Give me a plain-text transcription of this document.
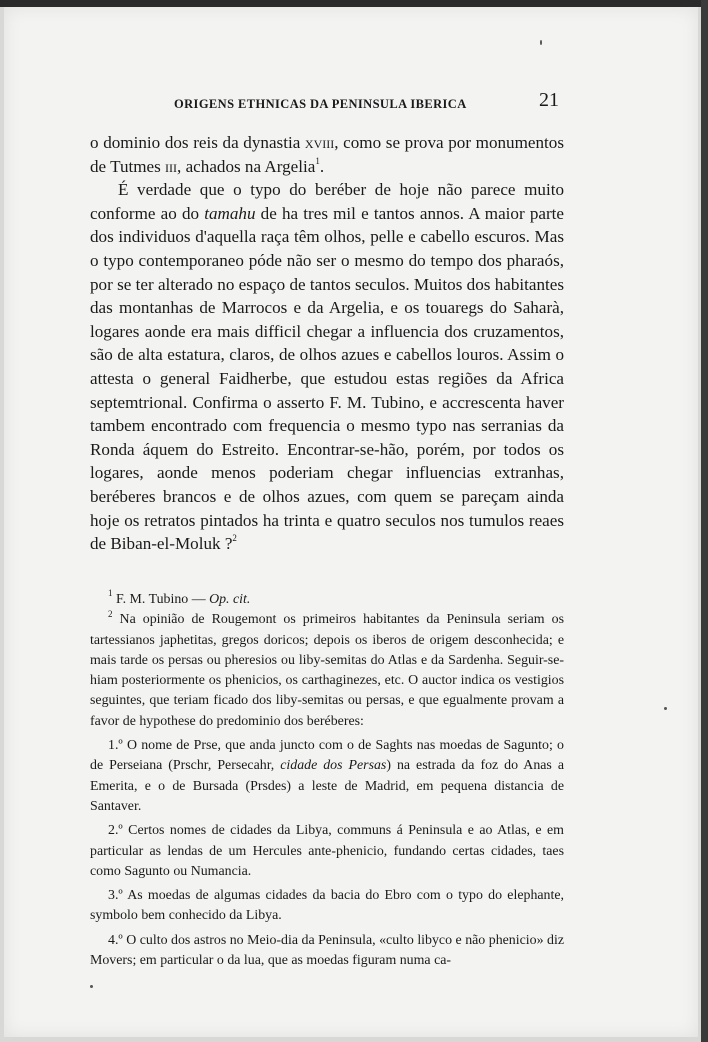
ORIGENS ETHNICAS DA PENINSULA IBERICA	21

o dominio dos reis da dynastia xviii, como se prova por monumentos de Tutmes iii, achados na Argelia$^1$.

É verdade que o typo do beréber de hoje não parece muito conforme ao do tamahu de ha tres mil e tantos annos. A maior parte dos individuos d'aquella raça têm olhos, pelle e cabello escuros. Mas o typo contemporaneo póde não ser o mesmo do tempo dos pharaós, por se ter alterado no espaço de tantos seculos. Muitos dos habitantes das montanhas de Marrocos e da Argelia, e os touaregs do Saharà, logares aonde era mais difficil chegar a influencia dos cruzamentos, são de alta estatura, claros, de olhos azues e cabellos louros. Assim o attesta o general Faidherbe, que estudou estas regiões da Africa septemtrional. Confirma o asserto F. M. Tubino, e accrescenta haver tambem encontrado com frequencia o mesmo typo nas serranias da Ronda áquem do Estreito. Encontrar-se-hão, porém, por todos os logares, aonde menos poderiam chegar influencias extranhas, beréberes brancos e de olhos azues, com quem se pareçam ainda hoje os retratos pintados ha trinta e quatro seculos nos tumulos reaes de Biban-el-Moluk ?$^2$

$^1$ F. M. Tubino — Op. cit.

$^2$ Na opinião de Rougemont os primeiros habitantes da Peninsula seriam os tartessianos japhetitas, gregos doricos; depois os iberos de origem desconhecida; e mais tarde os persas ou pheresios ou liby-semitas do Atlas e da Sardenha. Seguir-se-hiam posteriormente os phenicios, os carthaginezes, etc. O auctor indica os vestigios seguintes, que teriam ficado dos liby-semitas ou persas, e que egualmente provam a favor de hypothese do predominio dos beréberes:

1.º O nome de Prse, que anda juncto com o de Saghts nas moedas de Sagunto; o de Perseiana (Prschr, Persecahr, cidade dos Persas) na estrada da foz do Anas a Emerita, e o de Bursada (Prsdes) a leste de Madrid, em pequena distancia de Santaver.

2.º Certos nomes de cidades da Libya, communs á Peninsula e ao Atlas, e em particular as lendas de um Hercules ante-phenicio, fundando certas cidades, taes como Sagunto ou Numancia.

3.º As moedas de algumas cidades da bacia do Ebro com o typo do elephante, symbolo bem conhecido da Libya.

4.º O culto dos astros no Meio-dia da Peninsula, «culto libyco e não phenicio» diz Movers; em particular o da lua, que as moedas figuram numa ca-
